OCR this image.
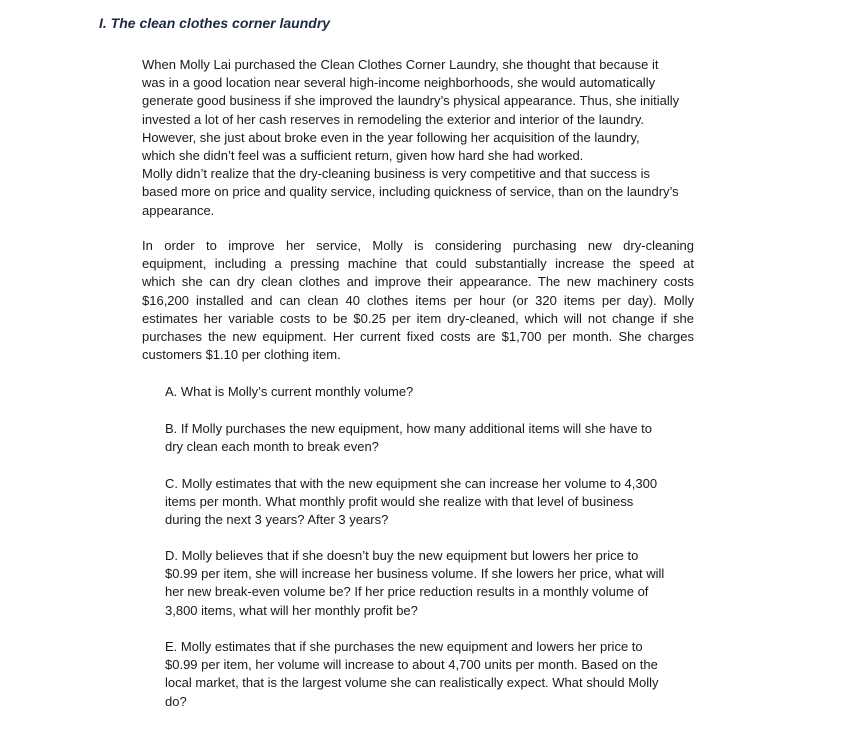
I. The clean clothes corner laundry
When Molly Lai purchased the Clean Clothes Corner Laundry, she thought that because it
was in a good location near several high-income neighborhoods, she would automatically
generate good business if she improved the laundry’s physical appearance. Thus, she initially
invested a lot of her cash reserves in remodeling the exterior and interior of the laundry.
However, she just about broke even in the year following her acquisition of the laundry,
which she didn’t feel was a sufficient return, given how hard she had worked.
Molly didn’t realize that the dry-cleaning business is very competitive and that success is
based more on price and quality service, including quickness of service, than on the laundry’s
appearance.
In order to improve her service, Molly is considering purchasing new dry-cleaning
equipment, including a pressing machine that could substantially increase the speed at
which she can dry clean clothes and improve their appearance. The new machinery costs
$16,200 installed and can clean 40 clothes items per hour (or 320 items per day). Molly
estimates her variable costs to be $0.25 per item dry-cleaned, which will not change if she
purchases the new equipment. Her current fixed costs are $1,700 per month. She charges
customers $1.10 per clothing item.
A. What is Molly’s current monthly volume?
B. If Molly purchases the new equipment, how many additional items will she have to
dry clean each month to break even?
C. Molly estimates that with the new equipment she can increase her volume to 4,300
items per month. What monthly profit would she realize with that level of business
during the next 3 years? After 3 years?
D. Molly believes that if she doesn’t buy the new equipment but lowers her price to
$0.99 per item, she will increase her business volume. If she lowers her price, what will
her new break-even volume be? If her price reduction results in a monthly volume of
3,800 items, what will her monthly profit be?
E. Molly estimates that if she purchases the new equipment and lowers her price to
$0.99 per item, her volume will increase to about 4,700 units per month. Based on the
local market, that is the largest volume she can realistically expect. What should Molly
do?
